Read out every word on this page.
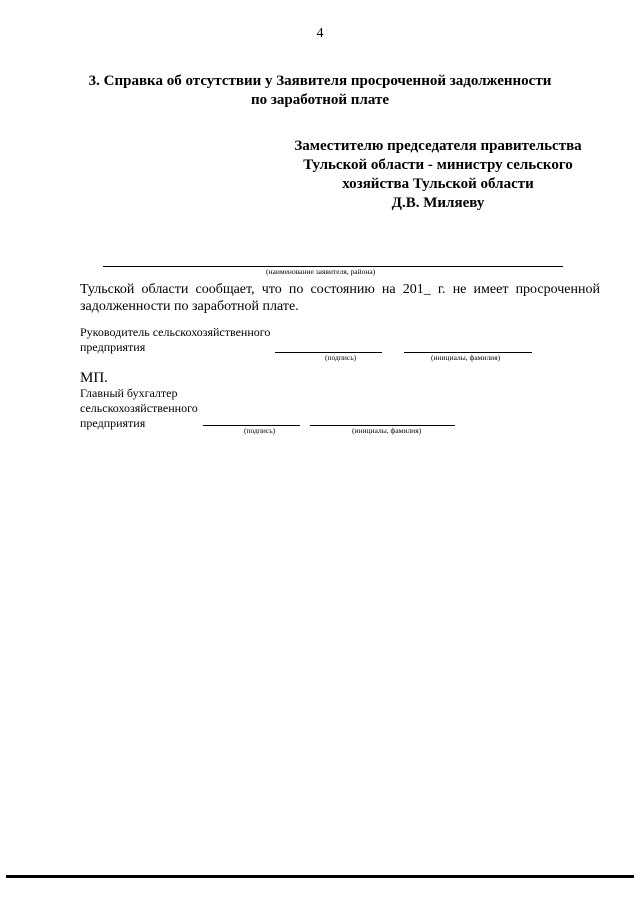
4
3. Справка об отсутствии у Заявителя просроченной задолженности
по заработной плате
Заместителю председателя правительства
Тульской области - министру сельского
хозяйства Тульской области
Д.В. Миляеву
(наименование заявителя, района)
Тульской области сообщает, что по состоянию на 201_ г. не имеет просроченной задолженности по заработной плате.
Руководитель сельскохозяйственного
предприятия
(подпись)	(инициалы, фамилия)
МП.
Главный бухгалтер
сельскохозяйственного
предприятия
(подпись)	(инициалы, фамилия)
